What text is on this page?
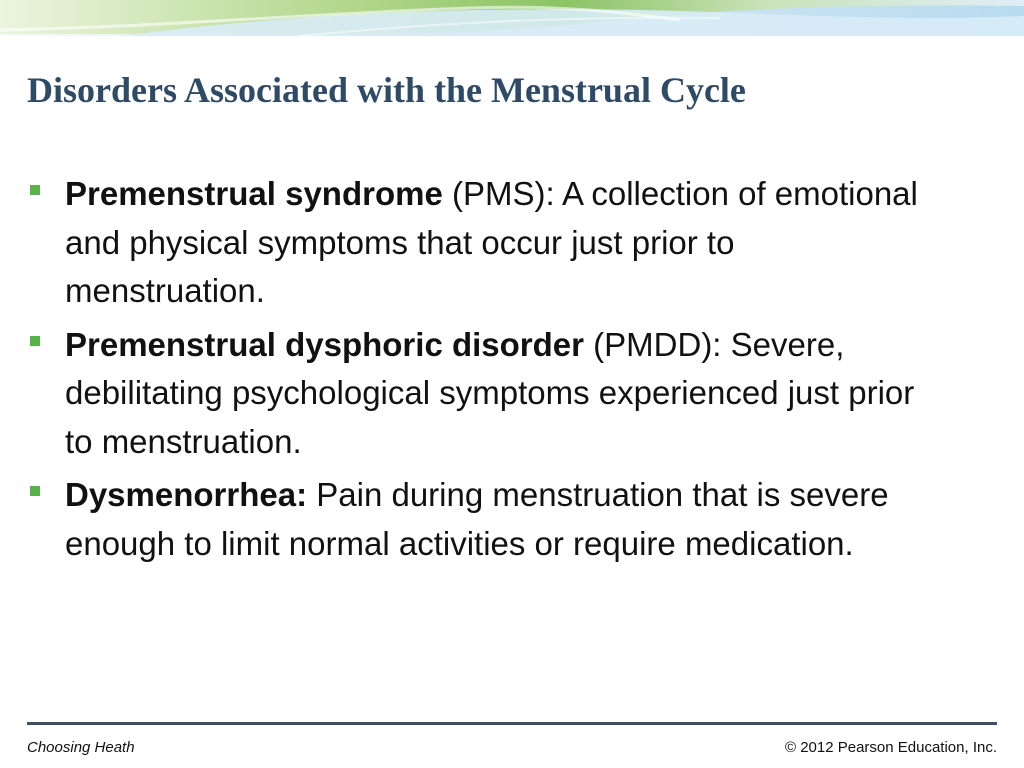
Disorders Associated with the Menstrual Cycle
Premenstrual syndrome (PMS): A collection of emotional and physical symptoms that occur just prior to menstruation.
Premenstrual dysphoric disorder (PMDD): Severe, debilitating psychological symptoms experienced just prior to menstruation.
Dysmenorrhea: Pain during menstruation that is severe enough to limit normal activities or require medication.
Choosing Heath	© 2012 Pearson Education, Inc.
